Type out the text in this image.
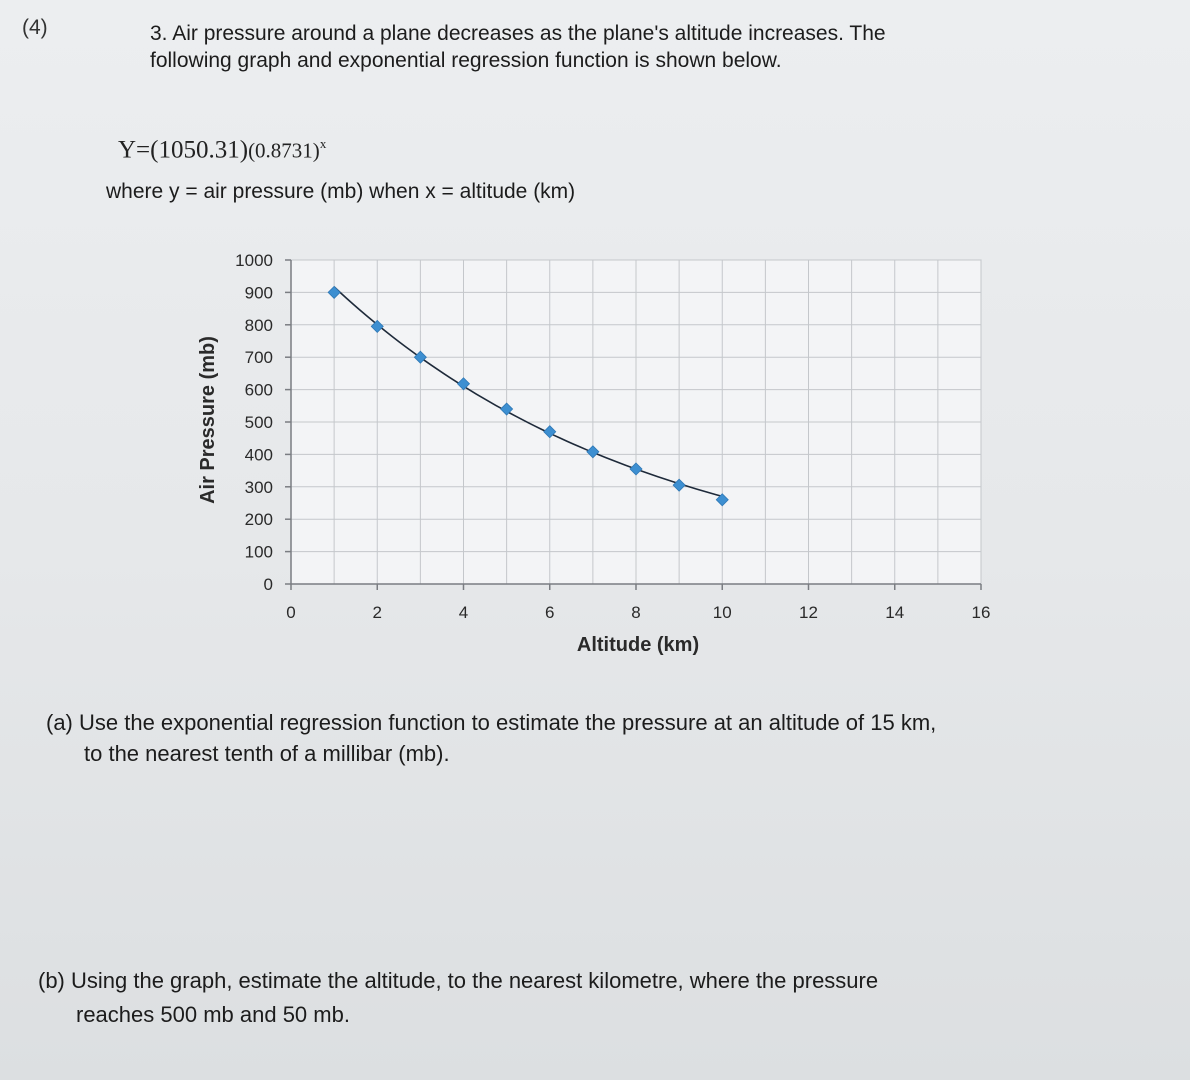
(4)	3. Air pressure around a plane decreases as the plane's altitude increases. The
following graph and exponential regression function is shown below.
$Y=(1050.31)(0.8731)^x$
where y = air pressure (mb) when x = altitude (km)
0
100
200
300
400
500
600
700
800
900
1000
0	2	4	6	8	10	12	14	16
Altitude (km)
Air Pressure (mb)
(a) Use the exponential regression function to estimate the pressure at an altitude of 15 km,
to the nearest tenth of a millibar (mb).
(b) Using the graph, estimate the altitude, to the nearest kilometre, where the pressure
reaches 500 mb and 50 mb.
